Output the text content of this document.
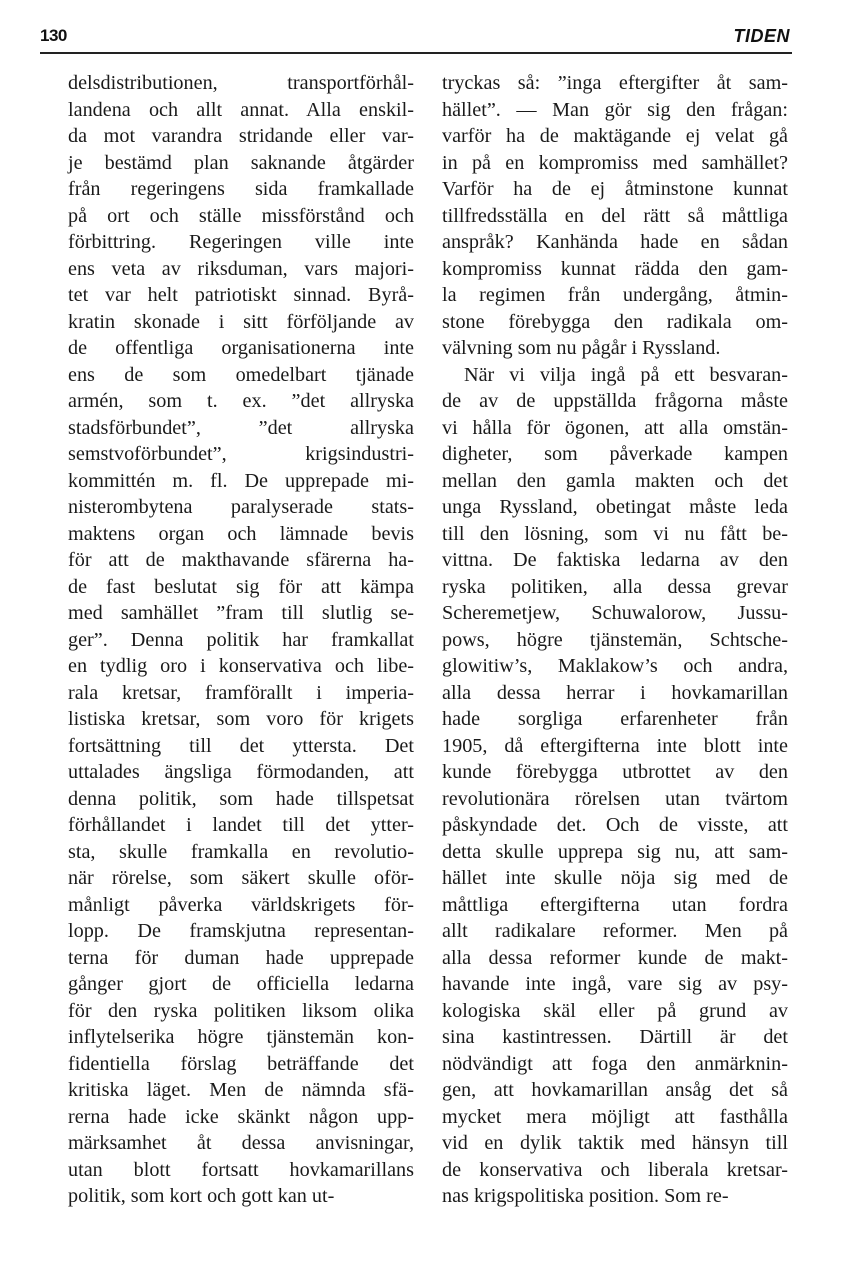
130	TIDEN
delsdistributionen, transportförhål-
landena och allt annat. Alla enskil-
da mot varandra stridande eller var-
je bestämd plan saknande åtgärder
från regeringens sida framkallade
på ort och ställe missförstånd och
förbittring. Regeringen ville inte
ens veta av riksduman, vars majori-
tet var helt patriotiskt sinnad. Byrå-
kratin skonade i sitt förföljande av
de offentliga organisationerna inte
ens de som omedelbart tjänade
armén, som t. ex. ”det allryska
stadsförbundet”, ”det allryska
semstvoförbundet”, krigsindustri-
kommittén m. fl. De upprepade mi-
nisterombytena paralyserade stats-
maktens organ och lämnade bevis
för att de makthavande sfärerna ha-
de fast beslutat sig för att kämpa
med samhället ”fram till slutlig se-
ger”. Denna politik har framkallat
en tydlig oro i konservativa och libe-
rala kretsar, framförallt i imperia-
listiska kretsar, som voro för krigets
fortsättning till det yttersta. Det
uttalades ängsliga förmodanden, att
denna politik, som hade tillspetsat
förhållandet i landet till det ytter-
sta, skulle framkalla en revolutio-
när rörelse, som säkert skulle oför-
månligt påverka världskrigets för-
lopp. De framskjutna representan-
terna för duman hade upprepade
gånger gjort de officiella ledarna
för den ryska politiken liksom olika
inflytelserika högre tjänstemän kon-
fidentiella förslag beträffande det
kritiska läget. Men de nämnda sfä-
rerna hade icke skänkt någon upp-
märksamhet åt dessa anvisningar,
utan blott fortsatt hovkamarillans
politik, som kort och gott kan ut-
tryckas så: ”inga eftergifter åt sam-
hället”. — Man gör sig den frågan:
varför ha de maktägande ej velat gå
in på en kompromiss med samhället?
Varför ha de ej åtminstone kunnat
tillfredsställa en del rätt så måttliga
anspråk? Kanhända hade en sådan
kompromiss kunnat rädda den gam-
la regimen från undergång, åtmin-
stone förebygga den radikala om-
välvning som nu pågår i Ryssland.
När vi vilja ingå på ett besvaran-
de av de uppställda frågorna måste
vi hålla för ögonen, att alla omstän-
digheter, som påverkade kampen
mellan den gamla makten och det
unga Ryssland, obetingat måste leda
till den lösning, som vi nu fått be-
vittna. De faktiska ledarna av den
ryska politiken, alla dessa grevar
Scheremetjew, Schuwalorow, Jussu-
pows, högre tjänstemän, Schtsche-
glowitiw’s, Maklakow’s och andra,
alla dessa herrar i hovkamarillan
hade sorgliga erfarenheter från
1905, då eftergifterna inte blott inte
kunde förebygga utbrottet av den
revolutionära rörelsen utan tvärtom
påskyndade det. Och de visste, att
detta skulle upprepa sig nu, att sam-
hället inte skulle nöja sig med de
måttliga eftergifterna utan fordra
allt radikalare reformer. Men på
alla dessa reformer kunde de makt-
havande inte ingå, vare sig av psy-
kologiska skäl eller på grund av
sina kastintressen. Därtill är det
nödvändigt att foga den anmärknin-
gen, att hovkamarillan ansåg det så
mycket mera möjligt att fasthålla
vid en dylik taktik med hänsyn till
de konservativa och liberala kretsar-
nas krigspolitiska position. Som re-
